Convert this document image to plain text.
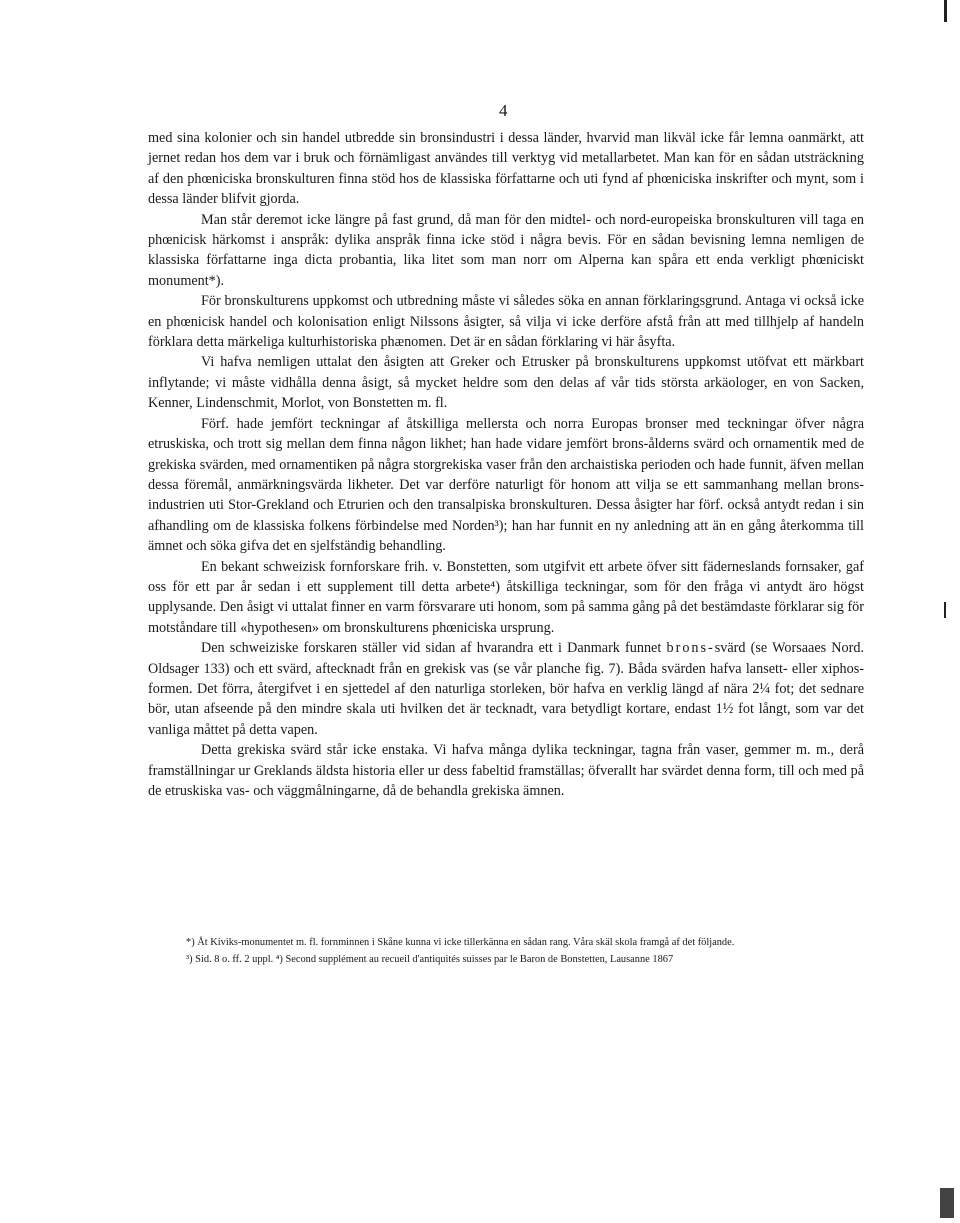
4

med sina kolonier och sin handel utbredde sin bronsindustri i dessa länder, hvarvid man likväl icke får lemna oanmärkt, att jernet redan hos dem var i bruk och förnämligast användes till verktyg vid metallarbetet. Man kan för en sådan utsträckning af den phœniciska bronskulturen finna stöd hos de klassiska författarne och uti fynd af phœniciska inskrifter och mynt, som i dessa länder blifvit gjorda.

Man står deremot icke längre på fast grund, då man för den midtel- och nord-europeiska bronskulturen vill taga en phœnicisk härkomst i anspråk: dylika anspråk finna icke stöd i några bevis. För en sådan bevisning lemna nemligen de klassiska författarne inga dicta probantia, lika litet som man norr om Alperna kan spåra ett enda verkligt phœniciskt monument*).

För bronskulturens uppkomst och utbredning måste vi således söka en annan förklaringsgrund. Antaga vi också icke en phœnicisk handel och kolonisation enligt Nilssons åsigter, så vilja vi icke derföre afstå från att med tillhjelp af handeln förklara detta märkeliga kulturhistoriska phænomen. Det är en sådan förklaring vi här åsyfta.

Vi hafva nemligen uttalat den åsigten att Greker och Etrusker på bronskulturens uppkomst utöfvat ett märkbart inflytande; vi måste vidhålla denna åsigt, så mycket heldre som den delas af vår tids största arkäologer, en von Sacken, Kenner, Lindenschmit, Morlot, von Bonstetten m. fl.

Förf. hade jemfört teckningar af åtskilliga mellersta och norra Europas bronser med teckningar öfver några etruskiska, och trott sig mellan dem finna någon likhet; han hade vidare jemfört brons-ålderns svärd och ornamentik med de grekiska svärden, med ornamentiken på några storgrekiska vaser från den archaistiska perioden och hade funnit, äfven mellan dessa föremål, anmärkningsvärda likheter. Det var derföre naturligt för honom att vilja se ett sammanhang mellan brons-industrien uti Stor-Grekland och Etrurien och den transalpiska bronskulturen. Dessa åsigter har förf. också antydt redan i sin afhandling om de klassiska folkens förbindelse med Norden³); han har funnit en ny anledning att än en gång återkomma till ämnet och söka gifva det en sjelfständig behandling.

En bekant schweizisk fornforskare frih. v. Bonstetten, som utgifvit ett arbete öfver sitt fäderneslands fornsaker, gaf oss för ett par år sedan i ett supplement till detta arbete⁴) åtskilliga teckningar, som för den fråga vi antydt äro högst upplysande. Den åsigt vi uttalat finner en varm försvarare uti honom, som på samma gång på det bestämdaste förklarar sig för motståndare till «hypothesen» om bronskulturens phœniciska ursprung.

Den schweiziske forskaren ställer vid sidan af hvarandra ett i Danmark funnet brons-svärd (se Worsaaes Nord. Oldsager 133) och ett svärd, aftecknadt från en grekisk vas (se vår planche fig. 7). Båda svärden hafva lansett- eller xiphos-formen. Det förra, återgifvet i en sjettedel af den naturliga storleken, bör hafva en verklig längd af nära 2¼ fot; det sednare bör, utan afseende på den mindre skala uti hvilken det är tecknadt, vara betydligt kortare, endast 1½ fot långt, som var det vanliga måttet på detta vapen.

Detta grekiska svärd står icke enstaka. Vi hafva många dylika teckningar, tagna från vaser, gemmer m. m., derå framställningar ur Greklands äldsta historia eller ur dess fabeltid framställas; öfverallt har svärdet denna form, till och med på de etruskiska vas- och väggmålningarne, då de behandla grekiska ämnen.

*) Åt Kiviks-monumentet m. fl. fornminnen i Skåne kunna vi icke tillerkänna en sådan rang. Våra skäl skola framgå af det följande.

³) Sid. 8 o. ff. 2 uppl. ⁴) Second supplément au recueil d'antiquités suisses par le Baron de Bonstetten, Lausanne 1867
